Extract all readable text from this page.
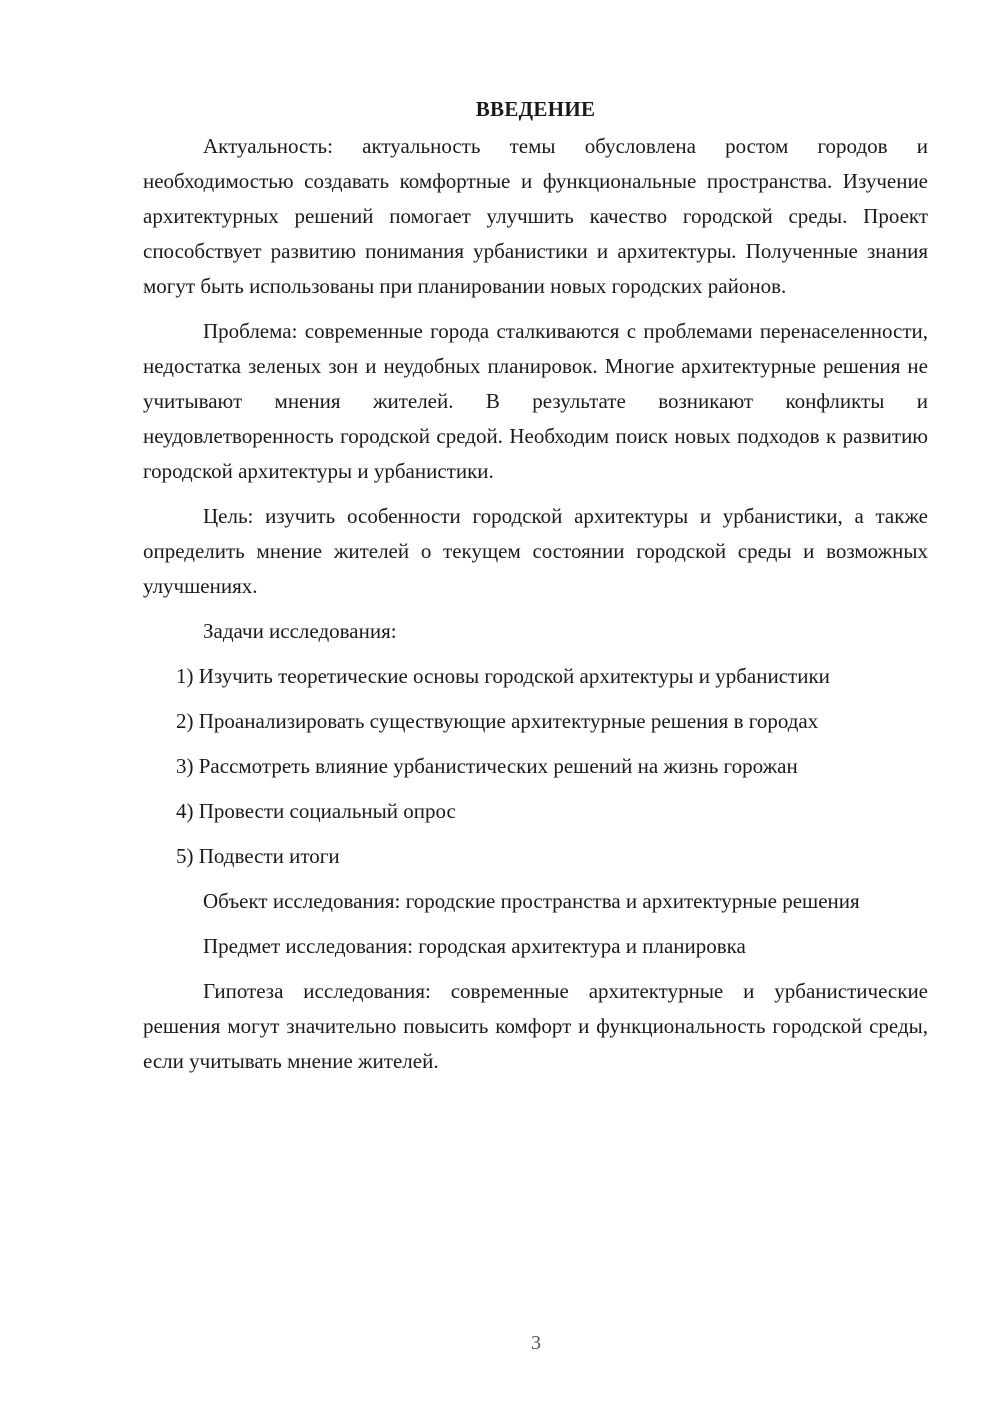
ВВЕДЕНИЕ

Актуальность: актуальность темы обусловлена ростом городов и необходимостью создавать комфортные и функциональные пространства. Изучение архитектурных решений помогает улучшить качество городской среды. Проект способствует развитию понимания урбанистики и архитектуры. Полученные знания могут быть использованы при планировании новых городских районов.

Проблема: современные города сталкиваются с проблемами перенаселенности, недостатка зеленых зон и неудобных планировок. Многие архитектурные решения не учитывают мнения жителей. В результате возникают конфликты и неудовлетворенность городской средой. Необходим поиск новых подходов к развитию городской архитектуры и урбанистики.

Цель: изучить особенности городской архитектуры и урбанистики, а также определить мнение жителей о текущем состоянии городской среды и возможных улучшениях.

Задачи исследования:

1) Изучить теоретические основы городской архитектуры и урбанистики

2) Проанализировать существующие архитектурные решения в городах

3) Рассмотреть влияние урбанистических решений на жизнь горожан

4) Провести социальный опрос

5) Подвести итоги

Объект исследования: городские пространства и архитектурные решения

Предмет исследования: городская архитектура и планировка

Гипотеза исследования: современные архитектурные и урбанистические решения могут значительно повысить комфорт и функциональность городской среды, если учитывать мнение жителей.

3
